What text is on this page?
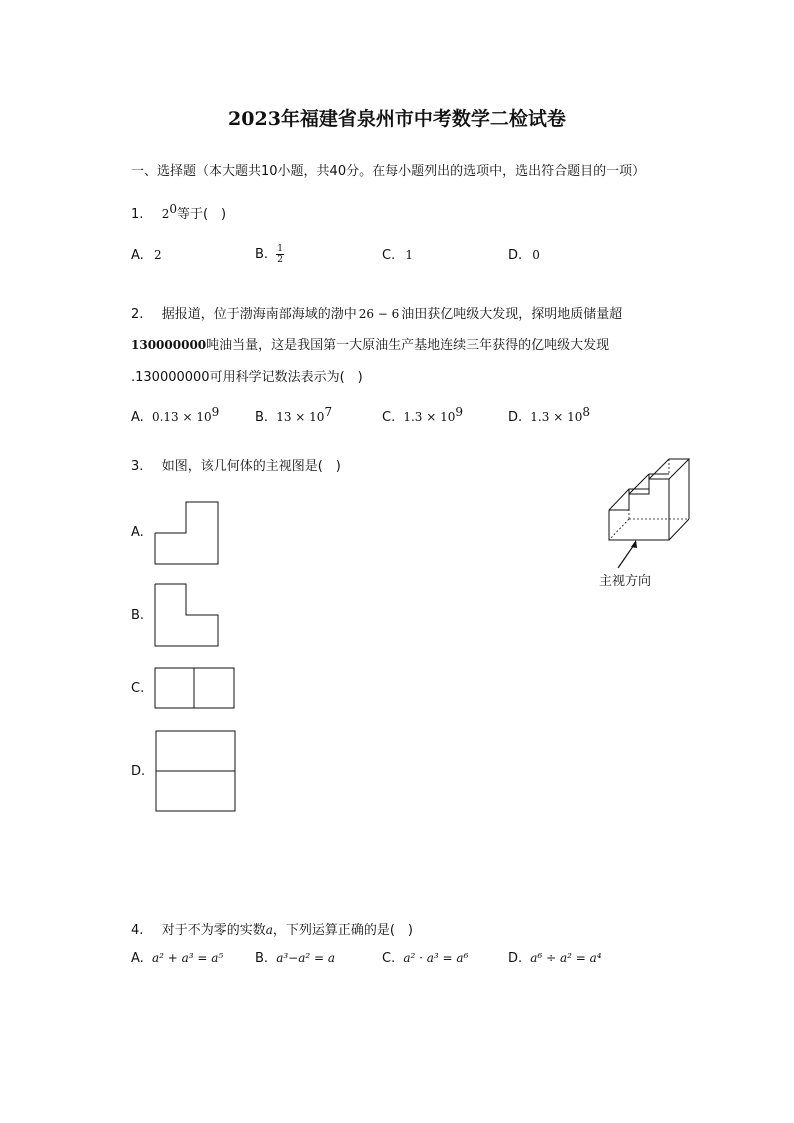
2023年福建省泉州市中考数学二检试卷
一、选择题（本大题共10小题，共40分。在每小题列出的选项中，选出符合题目的一项）
1. $2^0$等于(　)
A. 2	B. $\frac{1}{2}$	C. 1	D. 0
2. 据报道，位于渤海南部海域的渤中 26 − 6 油田获亿吨级大发现，探明地质储量超
130000000吨油当量，这是我国第一大原油生产基地连续三年获得的亿吨级大发现
.130000000可用科学记数法表示为(　)
A. $0.13 \times 10^9$	B. $13 \times 10^7$	C. $1.3 \times 10^9$	D. $1.3 \times 10^8$
3. 如图，该几何体的主视图是(　)
主视方向
A.
B.
C.
D.
4. 对于不为零的实数a，下列运算正确的是(　)
A. a² + a³ = a⁵ B. a³−a² = a	C. a² · a³ = a⁶	D. a⁶ ÷ a² = a⁴
